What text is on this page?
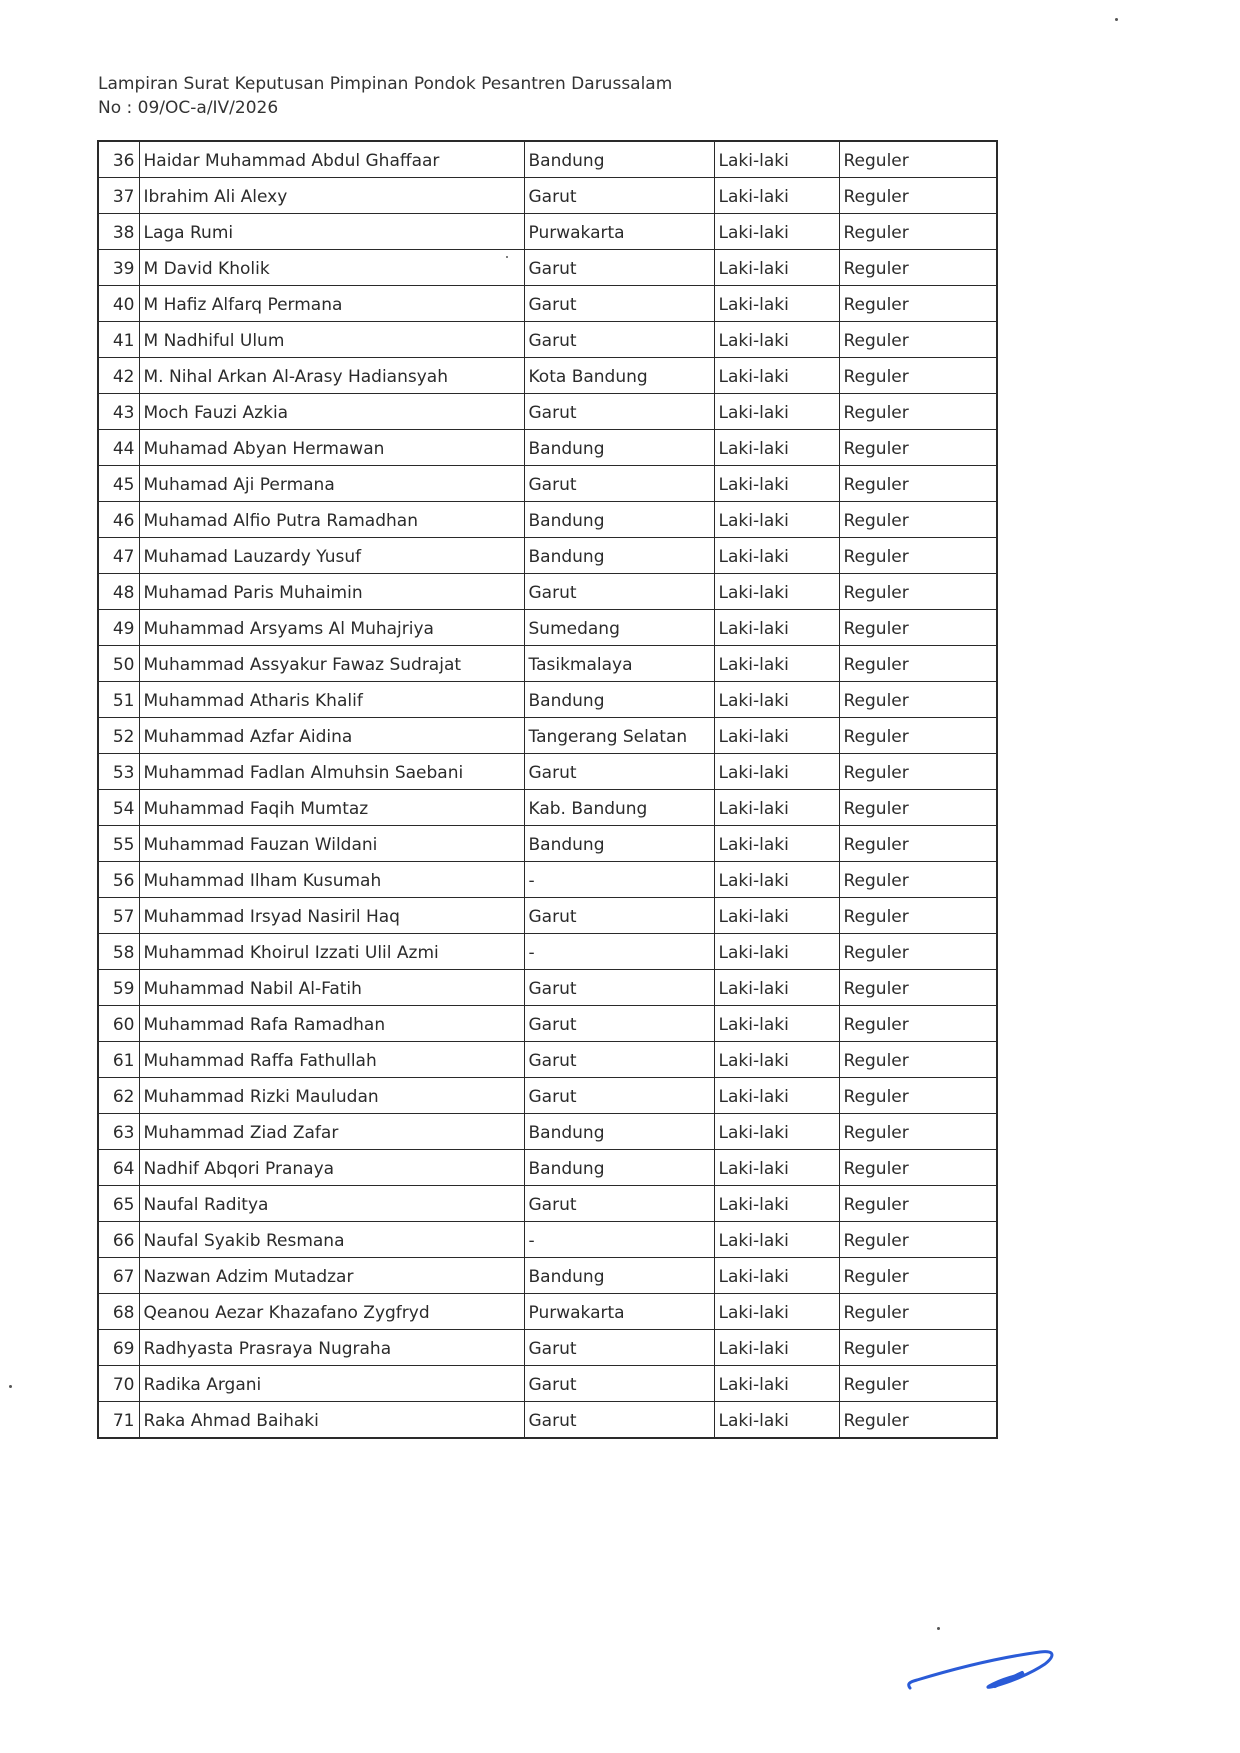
Lampiran Surat Keputusan Pimpinan Pondok Pesantren Darussalam
No : 09/OC-a/IV/2026
36	Haidar Muhammad Abdul Ghaffaar	Bandung	Laki-laki	Reguler
37	Ibrahim Ali Alexy	Garut	Laki-laki	Reguler
38	Laga Rumi	Purwakarta	Laki-laki	Reguler
39	M David Kholik	Garut	Laki-laki	Reguler
40	M Hafiz Alfarq Permana	Garut	Laki-laki	Reguler
41	M Nadhiful Ulum	Garut	Laki-laki	Reguler
42	M. Nihal Arkan Al-Arasy Hadiansyah	Kota Bandung	Laki-laki	Reguler
43	Moch Fauzi Azkia	Garut	Laki-laki	Reguler
44	Muhamad Abyan Hermawan	Bandung	Laki-laki	Reguler
45	Muhamad Aji Permana	Garut	Laki-laki	Reguler
46	Muhamad Alfio Putra Ramadhan	Bandung	Laki-laki	Reguler
47	Muhamad Lauzardy Yusuf	Bandung	Laki-laki	Reguler
48	Muhamad Paris Muhaimin	Garut	Laki-laki	Reguler
49	Muhammad Arsyams Al Muhajriya	Sumedang	Laki-laki	Reguler
50	Muhammad Assyakur Fawaz Sudrajat	Tasikmalaya	Laki-laki	Reguler
51	Muhammad Atharis Khalif	Bandung	Laki-laki	Reguler
52	Muhammad Azfar Aidina	Tangerang Selatan	Laki-laki	Reguler
53	Muhammad Fadlan Almuhsin Saebani	Garut	Laki-laki	Reguler
54	Muhammad Faqih Mumtaz	Kab. Bandung	Laki-laki	Reguler
55	Muhammad Fauzan Wildani	Bandung	Laki-laki	Reguler
56	Muhammad Ilham Kusumah	-	Laki-laki	Reguler
57	Muhammad Irsyad Nasiril Haq	Garut	Laki-laki	Reguler
58	Muhammad Khoirul Izzati Ulil Azmi	-	Laki-laki	Reguler
59	Muhammad Nabil Al-Fatih	Garut	Laki-laki	Reguler
60	Muhammad Rafa Ramadhan	Garut	Laki-laki	Reguler
61	Muhammad Raffa Fathullah	Garut	Laki-laki	Reguler
62	Muhammad Rizki Mauludan	Garut	Laki-laki	Reguler
63	Muhammad Ziad Zafar	Bandung	Laki-laki	Reguler
64	Nadhif Abqori Pranaya	Bandung	Laki-laki	Reguler
65	Naufal Raditya	Garut	Laki-laki	Reguler
66	Naufal Syakib Resmana	-	Laki-laki	Reguler
67	Nazwan Adzim Mutadzar	Bandung	Laki-laki	Reguler
68	Qeanou Aezar Khazafano Zygfryd	Purwakarta	Laki-laki	Reguler
69	Radhyasta Prasraya Nugraha	Garut	Laki-laki	Reguler
70	Radika Argani	Garut	Laki-laki	Reguler
71	Raka Ahmad Baihaki	Garut	Laki-laki	Reguler
